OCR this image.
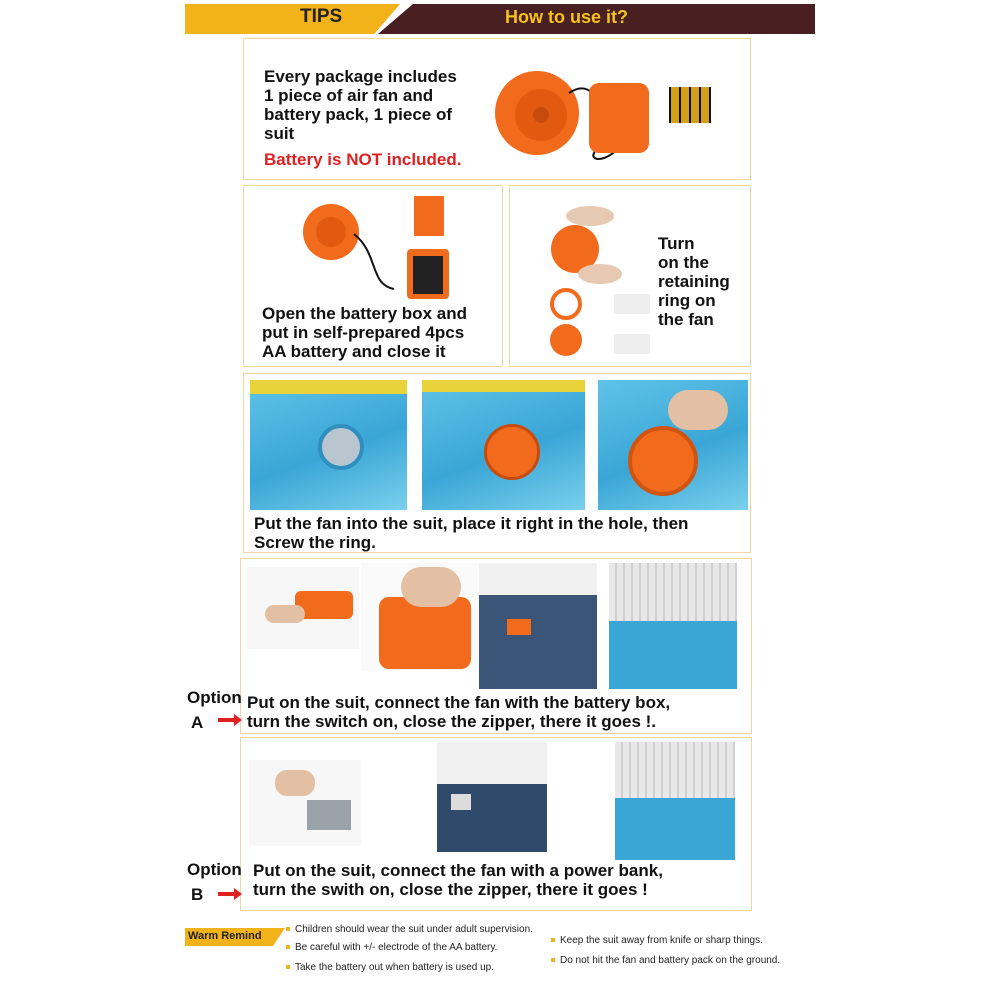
TIPS	How to use it?
Every package includes
1 piece of air fan and
battery pack, 1 piece of
suit
Battery is NOT included.
Open the battery box and
put in self-prepared 4pcs
AA battery and close it
Turn
on the
retaining
ring on
the fan
Put the fan into the suit, place it right in the hole, then
Screw the ring.
Put on the suit, connect the fan with the battery box,
turn the switch on, close the zipper, there it goes !.
Option
A
Put on the suit, connect the fan with a power bank,
turn the swith on, close the zipper, there it goes !
Option
B
Warm Remind
Children should wear the suit under adult supervision.
Be careful with +/- electrode of the AA battery.
Take the battery out when battery is used up.
Keep the suit away from knife or sharp things.
Do not hit the fan and battery pack on the ground.
